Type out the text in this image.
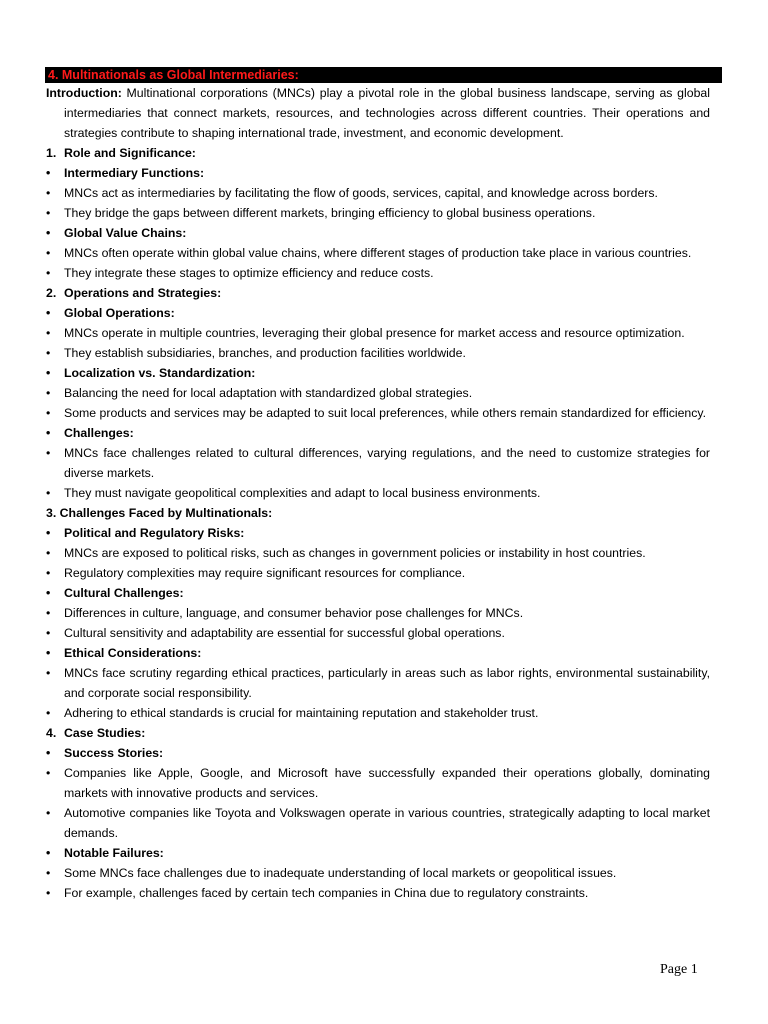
4. Multinationals as Global Intermediaries:
Introduction: Multinational corporations (MNCs) play a pivotal role in the global business landscape, serving as global intermediaries that connect markets, resources, and technologies across different countries. Their operations and strategies contribute to shaping international trade, investment, and economic development.
1. Role and Significance:
•	Intermediary Functions:
•	MNCs act as intermediaries by facilitating the flow of goods, services, capital, and knowledge across borders.
•	They bridge the gaps between different markets, bringing efficiency to global business operations.
•	Global Value Chains:
•	MNCs often operate within global value chains, where different stages of production take place in various countries.
•	They integrate these stages to optimize efficiency and reduce costs.
2. Operations and Strategies:
•	Global Operations:
•	MNCs operate in multiple countries, leveraging their global presence for market access and resource optimization.
•	They establish subsidiaries, branches, and production facilities worldwide.
•	Localization vs. Standardization:
•	Balancing the need for local adaptation with standardized global strategies.
•	Some products and services may be adapted to suit local preferences, while others remain standardized for efficiency.
•	Challenges:
•	MNCs face challenges related to cultural differences, varying regulations, and the need to customize strategies for diverse markets.
•	They must navigate geopolitical complexities and adapt to local business environments.
3. Challenges Faced by Multinationals:
•	Political and Regulatory Risks:
•	MNCs are exposed to political risks, such as changes in government policies or instability in host countries.
•	Regulatory complexities may require significant resources for compliance.
•	Cultural Challenges:
•	Differences in culture, language, and consumer behavior pose challenges for MNCs.
•	Cultural sensitivity and adaptability are essential for successful global operations.
•	Ethical Considerations:
•	MNCs face scrutiny regarding ethical practices, particularly in areas such as labor rights, environmental sustainability, and corporate social responsibility.
•	Adhering to ethical standards is crucial for maintaining reputation and stakeholder trust.
4. Case Studies:
•	Success Stories:
•	Companies like Apple, Google, and Microsoft have successfully expanded their operations globally, dominating markets with innovative products and services.
•	Automotive companies like Toyota and Volkswagen operate in various countries, strategically adapting to local market demands.
•	Notable Failures:
•	Some MNCs face challenges due to inadequate understanding of local markets or geopolitical issues.
•	For example, challenges faced by certain tech companies in China due to regulatory constraints.
Page 1
